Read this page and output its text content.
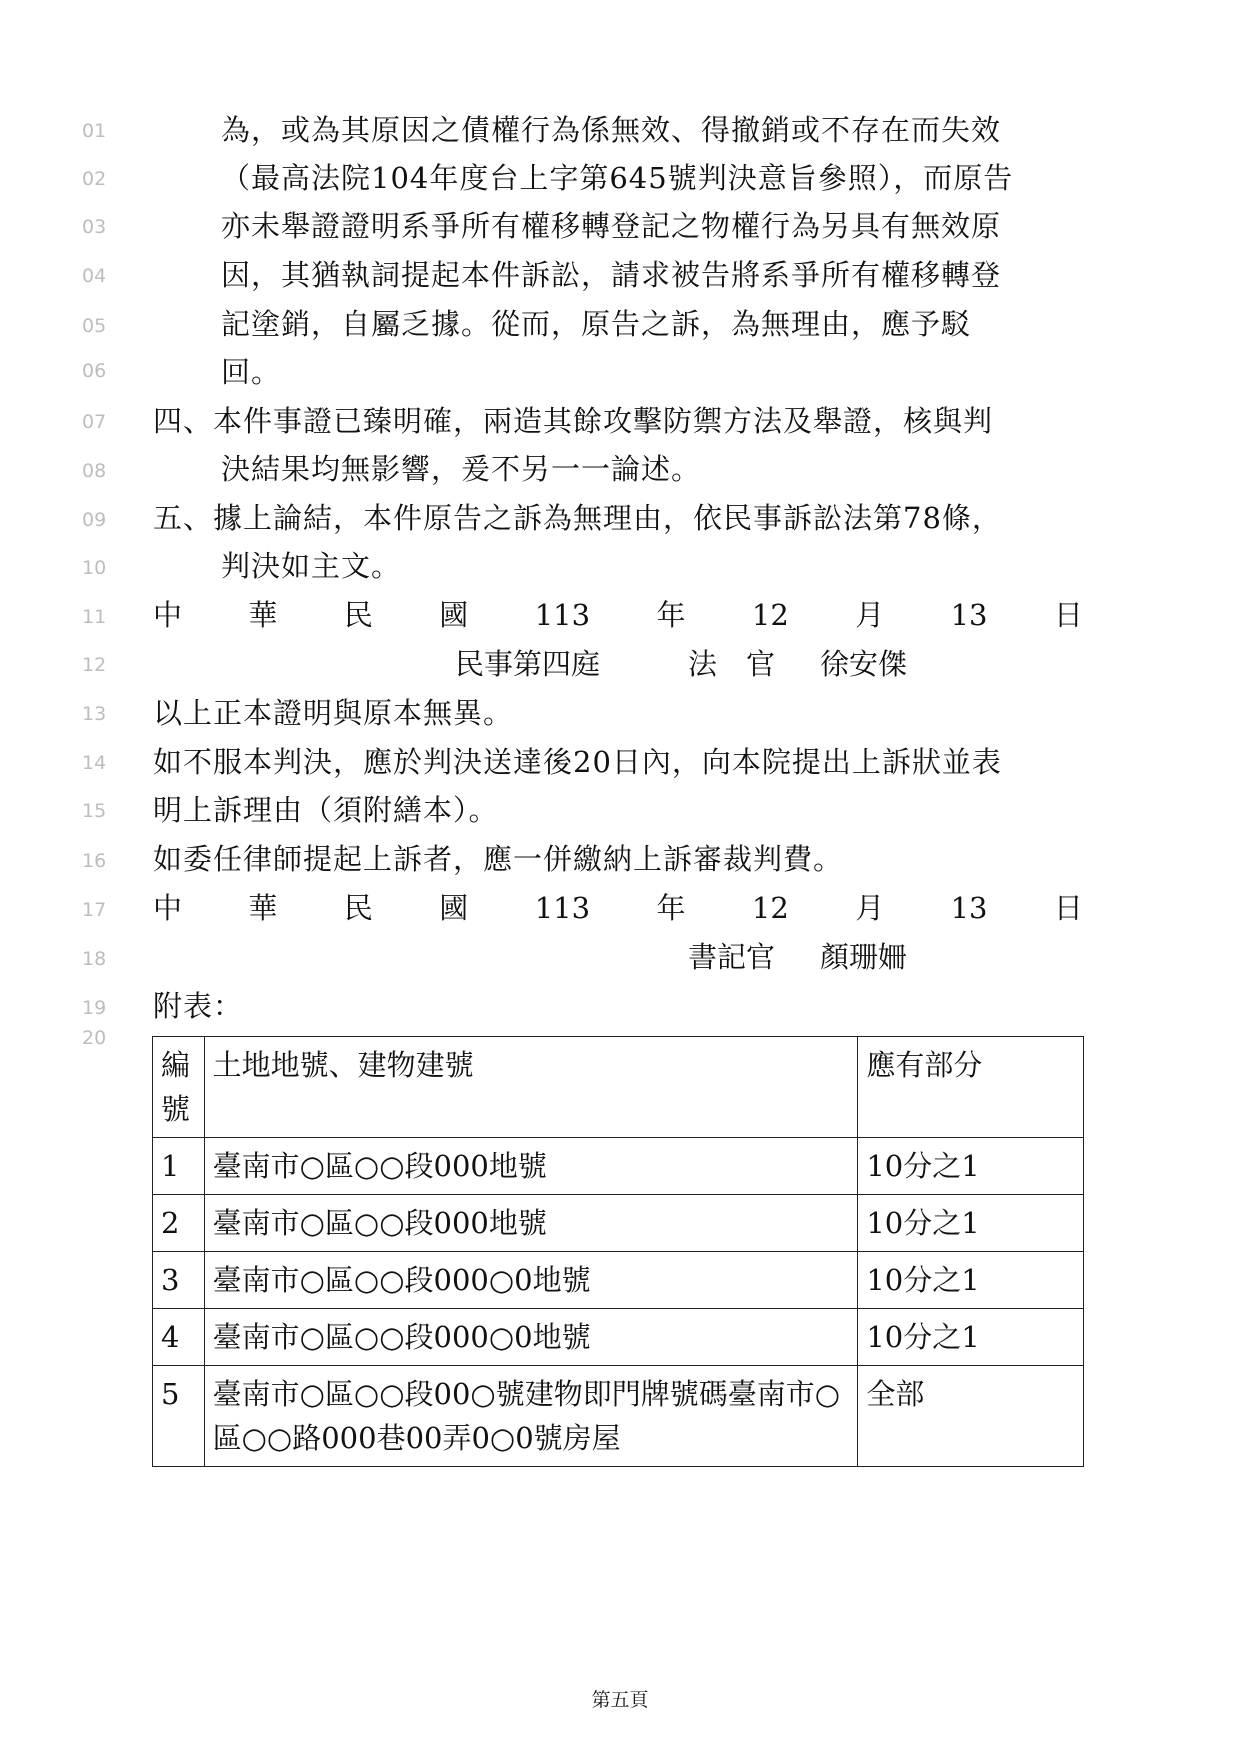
01
02
03
04
05
06
07
08
09
10
11
12
13
14
15
16
17
18
19
20
為，或為其原因之債權行為係無效、得撤銷或不存在而失效
（最高法院104年度台上字第645號判決意旨參照），而原告
亦未舉證證明系爭所有權移轉登記之物權行為另具有無效原
因，其猶執詞提起本件訴訟，請求被告將系爭所有權移轉登
記塗銷，自屬乏據。從而，原告之訴，為無理由，應予駁
回。
四、本件事證已臻明確，兩造其餘攻擊防禦方法及舉證，核與判
決結果均無影響，爰不另一一論述。
五、據上論結，本件原告之訴為無理由，依民事訴訟法第78條，
判決如主文。
中 華 民 國 113 年 12 月 13 日
民事第四庭	法　官 徐安傑
以上正本證明與原本無異。
如不服本判決，應於判決送達後20日內，向本院提出上訴狀並表
明上訴理由（須附繕本）。
如委任律師提起上訴者，應一併繳納上訴審裁判費。
中 華 民 國 113 年 12 月 13 日
書記官 顏珊姍
附表：
編號	土地地號、建物建號	應有部分
1	臺南市○區○○段000地號	10分之1
2	臺南市○區○○段000地號	10分之1
3	臺南市○區○○段000○0地號	10分之1
4	臺南市○區○○段000○0地號	10分之1
5	臺南市○區○○段00○號建物即門牌號碼臺南市○區○○路000巷00弄0○0號房屋	全部
第五頁
